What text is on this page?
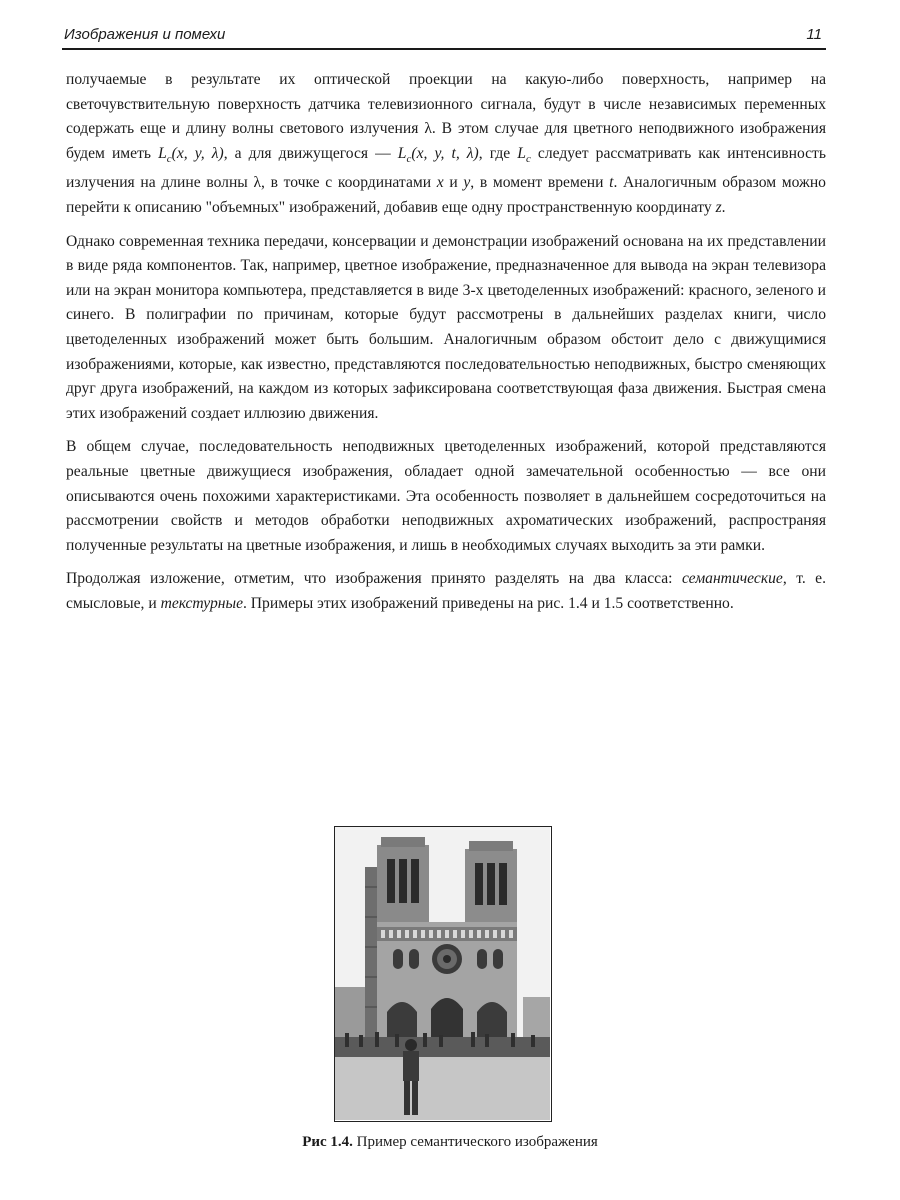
Изображения и помехи	11

получаемые в результате их оптической проекции на какую-либо поверхность, например на светочувствительную поверхность датчика телевизионного сигнала, будут в числе независимых переменных содержать еще и длину волны светового излучения λ. В этом случае для цветного неподвижного изображения будем иметь $L_c(x$, y, λ), а для движущегося — $L_c(x$, y, t, λ), где $L_c$ следует рассматривать как интенсивность излучения на длине волны λ, в точке с координатами x и y, в момент времени t. Аналогичным образом можно перейти к описанию "объемных" изображений, добавив еще одну пространственную координату z.

Однако современная техника передачи, консервации и демонстрации изображений основана на их представлении в виде ряда компонентов. Так, например, цветное изображение, предназначенное для вывода на экран телевизора или на экран монитора компьютера, представляется в виде 3-х цветоделенных изображений: красного, зеленого и синего. В полиграфии по причинам, которые будут рассмотрены в дальнейших разделах книги, число цветоделенных изображений может быть большим. Аналогичным образом обстоит дело с движущимися изображениями, которые, как известно, представляются последовательностью неподвижных, быстро сменяющих друг друга изображений, на каждом из которых зафиксирована соответствующая фаза движения. Быстрая смена этих изображений создает иллюзию движения.

В общем случае, последовательность неподвижных цветоделенных изображений, которой представляются реальные цветные движущиеся изображения, обладает одной замечательной особенностью — все они описываются очень похожими характеристиками. Эта особенность позволяет в дальнейшем сосредоточиться на рассмотрении свойств и методов обработки неподвижных ахроматических изображений, распространяя полученные результаты на цветные изображения, и лишь в необходимых случаях выходить за эти рамки.

Продолжая изложение, отметим, что изображения принято разделять на два класса: семантические, т. е. смысловые, и текстурные. Примеры этих изображений приведены на рис. 1.4 и 1.5 соответственно.

Рис 1.4. Пример семантического изображения
